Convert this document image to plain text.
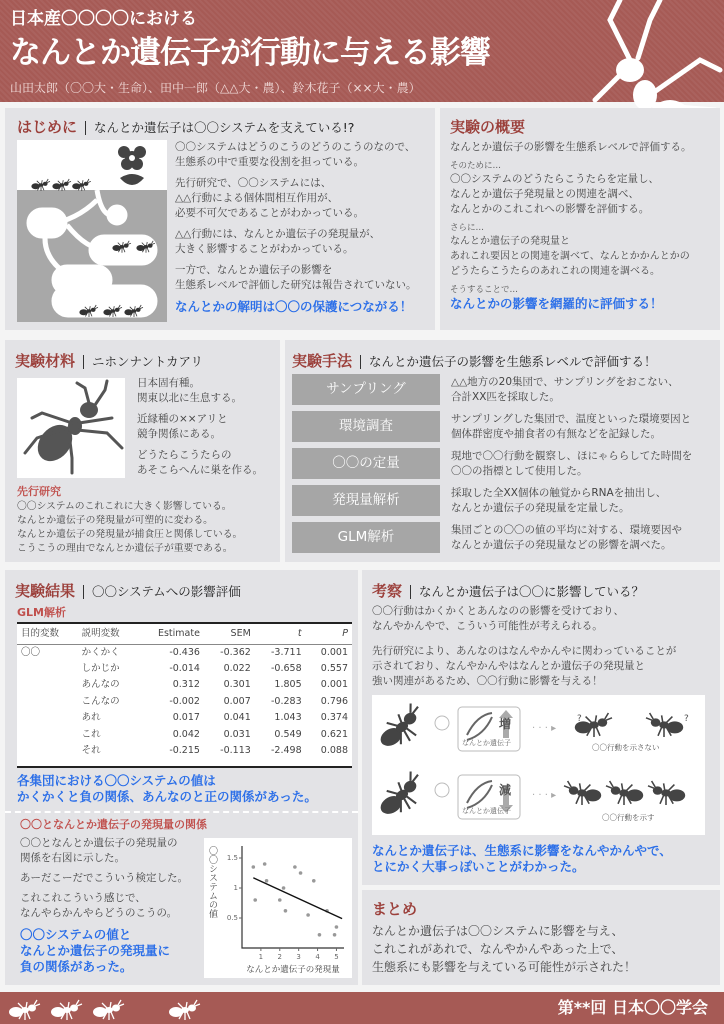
日本産〇〇〇〇における
なんとか遺伝子が行動に与える影響
山田太郎（〇〇大・生命）、田中一郎（△△大・農）、鈴木花子（××大・農）
はじめに なんとか遺伝子は〇〇システムを支えている!?
〇〇システムはどうのこうのどうのこうのなので、
生態系の中で重要な役割を担っている。
先行研究で、〇〇システムには、
△△行動による個体間相互作用が、
必要不可欠であることがわかっている。
△△行動には、なんとか遺伝子の発現量が、
大きく影響することがわかっている。
一方で、なんとか遺伝子の影響を
生態系レベルで評価した研究は報告されていない。
なんとかの解明は〇〇の保護につながる！
実験の概要
なんとか遺伝子の影響を生態系レベルで評価する。
そのために…
〇〇システムのどうたらこうたらを定量し、
なんとか遺伝子発現量との関連を調べ、
なんとかのこれこれへの影響を評価する。
さらに…
なんとか遺伝子の発現量と
あれこれ要因との関連を調べて、なんとかかんとかの
どうたらこうたらのあれこれの関連を調べる。
そうすることで…
なんとかの影響を網羅的に評価する！
実験材料 ニホンナントカアリ
日本固有種。
関東以北に生息する。
近縁種の××アリと
競争関係にある。
どうたらこうたらの
あそこらへんに巣を作る。
先行研究
〇〇システムのこれこれに大きく影響している。
なんとか遺伝子の発現量が可塑的に変わる。
なんとか遺伝子の発現量が捕食圧と関係している。
こうこうの理由でなんとか遺伝子が重要である。
実験手法 なんとか遺伝子の影響を生態系レベルで評価する！
サンプリング	△△地方の20集団で、サンプリングをおこない、
合計XX匹を採取した。
環境調査	サンプリングした集団で、温度といった環境要因と
個体群密度や捕食者の有無などを記録した。
〇〇の定量	現地で〇〇行動を観察し、ほにゃららしてた時間を
〇〇の指標として使用した。
発現量解析	採取した全XX個体の触覚からRNAを抽出し、
なんとか遺伝子の発現量を定量した。
GLM解析	集団ごとの〇〇の値の平均に対する、環境要因や
なんとか遺伝子の発現量などの影響を調べた。
実験結果 〇〇システムへの影響評価
GLM解析
目的変数	説明変数	Estimate	SEM	t	P
〇〇	かくかく	-0.436	-0.362	-3.711	0.001
	しかじか	-0.014	0.022	-0.658	0.557
	あんなの	0.312	0.301	1.805	0.001
	こんなの	-0.002	0.007	-0.283	0.796
	あれ	0.017	0.041	1.043	0.374
	これ	0.042	0.031	0.549	0.621
	それ	-0.215	-0.113	-2.498	0.088
各集団における〇〇システムの値は
かくかくと負の関係、あんなのと正の関係があった。
〇〇となんとか遺伝子の発現量の関係
〇〇となんとか遺伝子の発現量の
関係を右図に示した。
あーだこーだでこういう検定した。
これこれこういう感じで、
なんやらかんやらどうのこうの。
〇〇システムの値と
なんとか遺伝子の発現量に
負の関係があった。
1 2 3 4 5
0.5
1
1.5
なんとか遺伝子の発現量
〇〇システムの値
考察 なんとか遺伝子は〇〇に影響している？
〇〇行動はかくかくとあんなのの影響を受けており、
なんやかんやで、こういう可能性が考えられる。
先行研究により、あんなのはなんやかんやに関わっていることが
示されており、なんやかんやはなんとか遺伝子の発現量と
強い関連があるため、〇〇行動に影響を与える！
· · · ▸
· · · ▸
?	?
増
減
なんとか遺伝子
なんとか遺伝子
〇〇行動を示さない
〇〇行動を示す
なんとか遺伝子は、生態系に影響をなんやかんやで、
とにかく大事っぽいことがわかった。
まとめ
なんとか遺伝子は〇〇システムに影響を与え、
これこれがあれで、なんやかんやあった上で、
生態系にも影響を与えている可能性が示された！
第**回 日本〇〇学会
